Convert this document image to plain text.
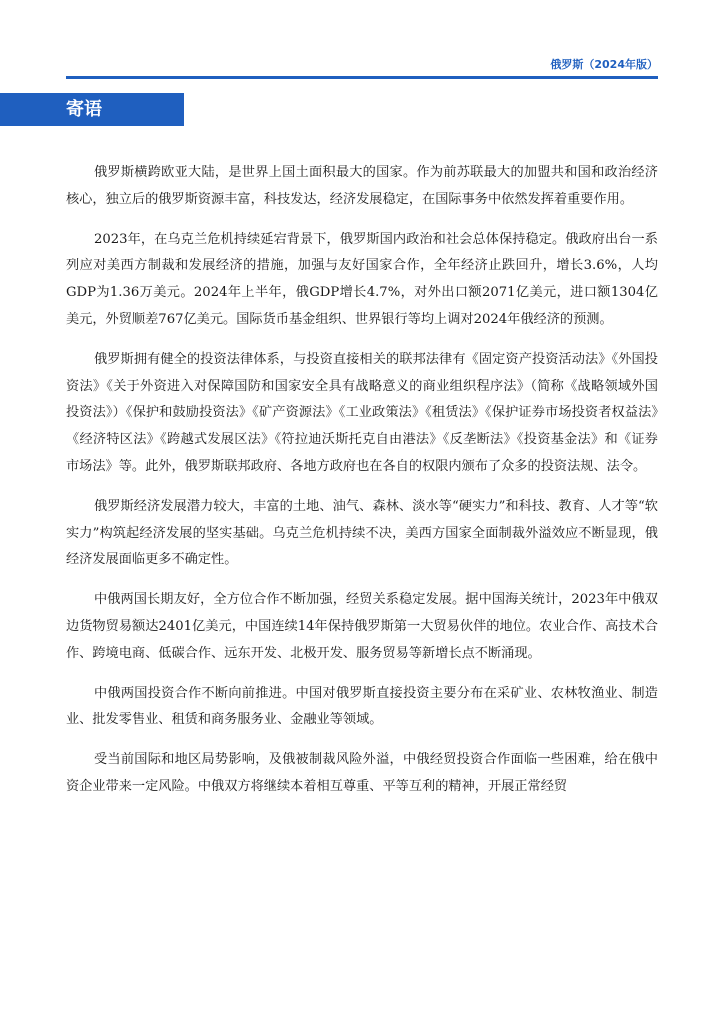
俄罗斯（2024年版）
寄语

俄罗斯横跨欧亚大陆，是世界上国土面积最大的国家。作为前苏联最大的加盟共和国和政治经济核心，独立后的俄罗斯资源丰富，科技发达，经济发展稳定，在国际事务中依然发挥着重要作用。

2023年，在乌克兰危机持续延宕背景下，俄罗斯国内政治和社会总体保持稳定。俄政府出台一系列应对美西方制裁和发展经济的措施，加强与友好国家合作，全年经济止跌回升，增长3.6%，人均GDP为1.36万美元。2024年上半年，俄GDP增长4.7%，对外出口额2071亿美元，进口额1304亿美元，外贸顺差767亿美元。国际货币基金组织、世界银行等均上调对2024年俄经济的预测。

俄罗斯拥有健全的投资法律体系，与投资直接相关的联邦法律有《固定资产投资活动法》《外国投资法》《关于外资进入对保障国防和国家安全具有战略意义的商业组织程序法》（简称《战略领域外国投资法》）《保护和鼓励投资法》《矿产资源法》《工业政策法》《租赁法》《保护证券市场投资者权益法》《经济特区法》《跨越式发展区法》《符拉迪沃斯托克自由港法》《反垄断法》《投资基金法》和《证券市场法》等。此外，俄罗斯联邦政府、各地方政府也在各自的权限内颁布了众多的投资法规、法令。

俄罗斯经济发展潜力较大，丰富的土地、油气、森林、淡水等“硬实力”和科技、教育、人才等“软实力”构筑起经济发展的坚实基础。乌克兰危机持续不决，美西方国家全面制裁外溢效应不断显现，俄经济发展面临更多不确定性。

中俄两国长期友好，全方位合作不断加强，经贸关系稳定发展。据中国海关统计，2023年中俄双边货物贸易额达2401亿美元，中国连续14年保持俄罗斯第一大贸易伙伴的地位。农业合作、高技术合作、跨境电商、低碳合作、远东开发、北极开发、服务贸易等新增长点不断涌现。

中俄两国投资合作不断向前推进。中国对俄罗斯直接投资主要分布在采矿业、农林牧渔业、制造业、批发零售业、租赁和商务服务业、金融业等领域。

受当前国际和地区局势影响，及俄被制裁风险外溢，中俄经贸投资合作面临一些困难，给在俄中资企业带来一定风险。中俄双方将继续本着相互尊重、平等互利的精神，开展正常经贸
